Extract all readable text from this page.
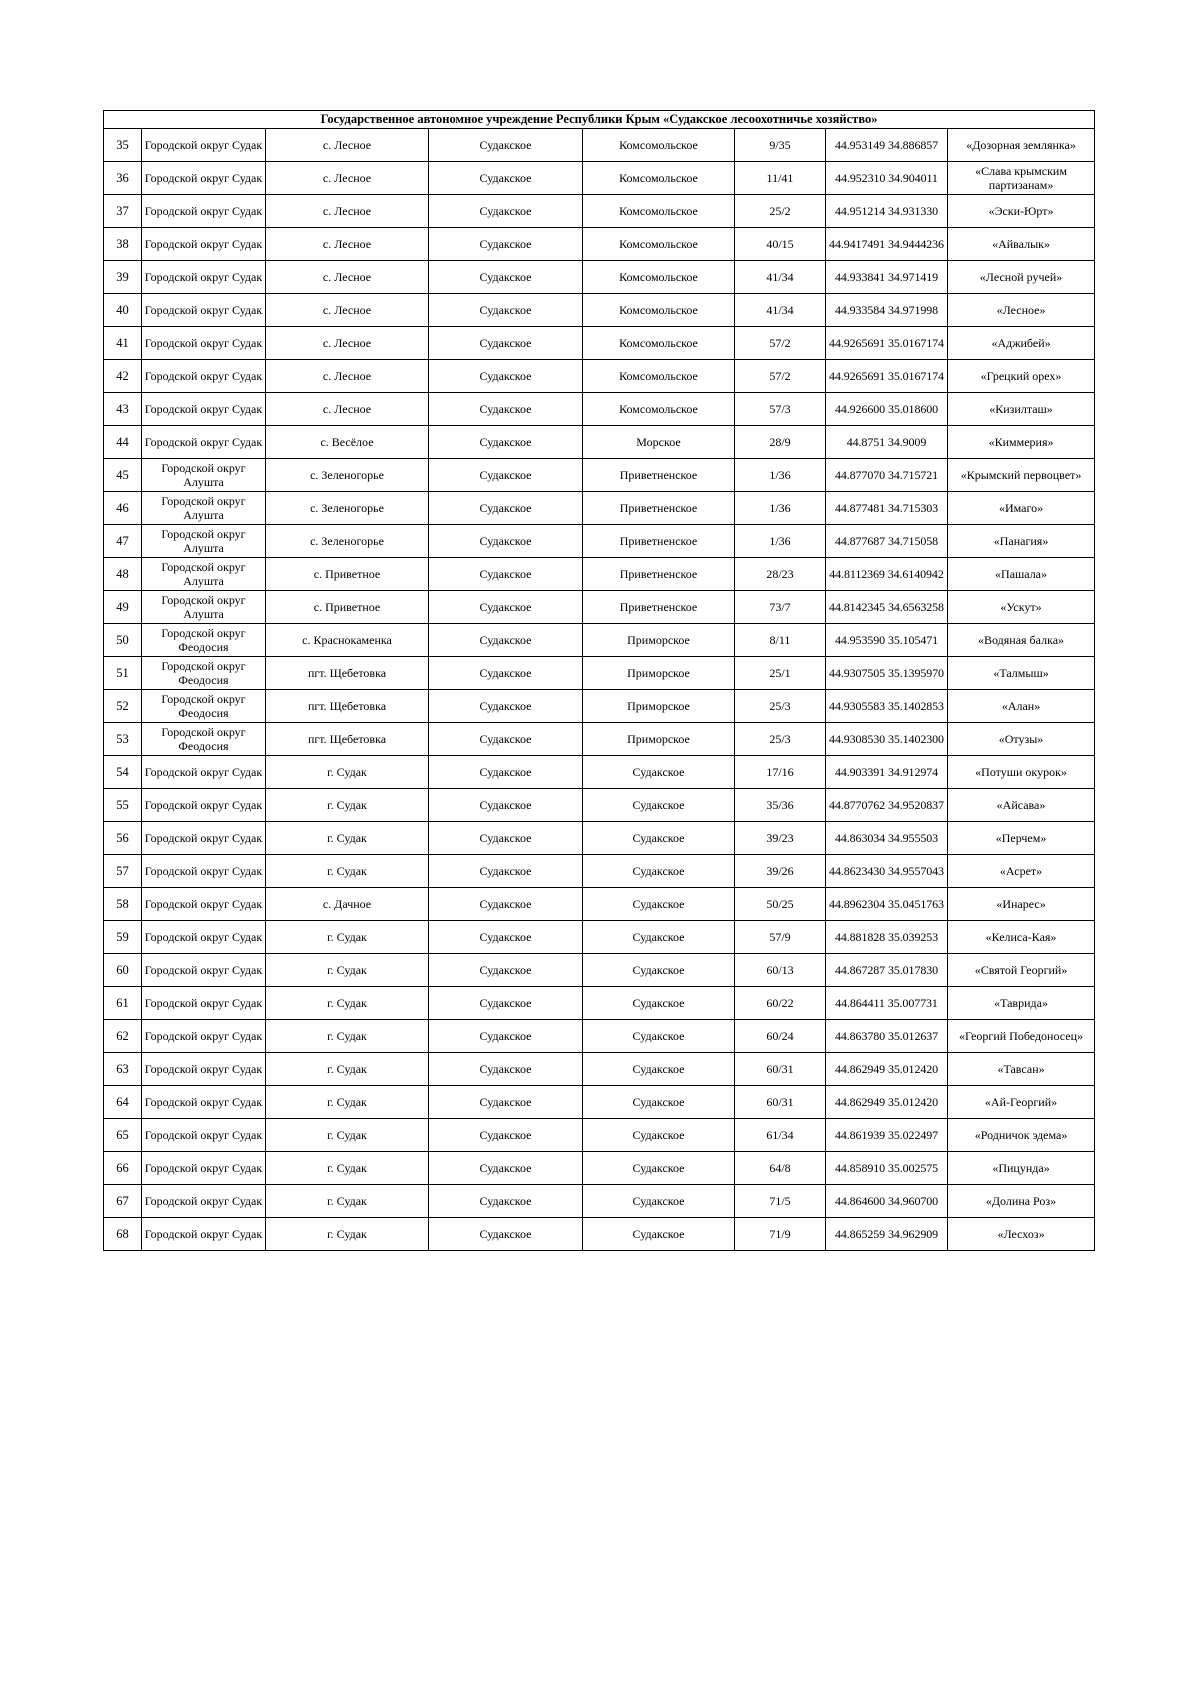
Государственное автономное учреждение Республики Крым «Судакское лесоохотничье хозяйство»							
35	Городской округ Судак	с. Лесное	Судакское	Комсомольское	9/35	44.953149 34.886857	«Дозорная землянка»
36	Городской округ Судак	с. Лесное	Судакское	Комсомольское	11/41	44.952310 34.904011	«Слава крымским партизанам»
37	Городской округ Судак	с. Лесное	Судакское	Комсомольское	25/2	44.951214 34.931330	«Эски-Юрт»
38	Городской округ Судак	с. Лесное	Судакское	Комсомольское	40/15	44.9417491 34.9444236	«Айвалык»
39	Городской округ Судак	с. Лесное	Судакское	Комсомольское	41/34	44.933841 34.971419	«Лесной ручей»
40	Городской округ Судак	с. Лесное	Судакское	Комсомольское	41/34	44.933584 34.971998	«Лесное»
41	Городской округ Судак	с. Лесное	Судакское	Комсомольское	57/2	44.9265691 35.0167174	«Аджибей»
42	Городской округ Судак	с. Лесное	Судакское	Комсомольское	57/2	44.9265691 35.0167174	«Грецкий орех»
43	Городской округ Судак	с. Лесное	Судакское	Комсомольское	57/3	44.926600 35.018600	«Кизилташ»
44	Городской округ Судак	с. Весёлое	Судакское	Морское	28/9	44.8751 34.9009	«Киммерия»
45	Городской округ Алушта	с. Зеленогорье	Судакское	Приветненское	1/36	44.877070 34.715721	«Крымский первоцвет»
46	Городской округ Алушта	с. Зеленогорье	Судакское	Приветненское	1/36	44.877481 34.715303	«Имаго»
47	Городской округ Алушта	с. Зеленогорье	Судакское	Приветненское	1/36	44.877687 34.715058	«Панагия»
48	Городской округ Алушта	с. Приветное	Судакское	Приветненское	28/23	44.8112369 34.6140942	«Пашала»
49	Городской округ Алушта	с. Приветное	Судакское	Приветненское	73/7	44.8142345 34.6563258	«Ускут»
50	Городской округ Феодосия	с. Краснокаменка	Судакское	Приморское	8/11	44.953590 35.105471	«Водяная балка»
51	Городской округ Феодосия	пгт. Щебетовка	Судакское	Приморское	25/1	44.9307505 35.1395970	«Талмыш»
52	Городской округ Феодосия	пгт. Щебетовка	Судакское	Приморское	25/3	44.9305583 35.1402853	«Алан»
53	Городской округ Феодосия	пгт. Щебетовка	Судакское	Приморское	25/3	44.9308530 35.1402300	«Отузы»
54	Городской округ Судак	г. Судак	Судакское	Судакское	17/16	44.903391 34.912974	«Потуши окурок»
55	Городской округ Судак	г. Судак	Судакское	Судакское	35/36	44.8770762 34.9520837	«Айсава»
56	Городской округ Судак	г. Судак	Судакское	Судакское	39/23	44.863034 34.955503	«Перчем»
57	Городской округ Судак	г. Судак	Судакское	Судакское	39/26	44.8623430 34.9557043	«Асрет»
58	Городской округ Судак	с. Дачное	Судакское	Судакское	50/25	44.8962304 35.0451763	«Инарес»
59	Городской округ Судак	г. Судак	Судакское	Судакское	57/9	44.881828 35.039253	«Келиса-Кая»
60	Городской округ Судак	г. Судак	Судакское	Судакское	60/13	44.867287 35.017830	«Святой Георгий»
61	Городской округ Судак	г. Судак	Судакское	Судакское	60/22	44.864411 35.007731	«Таврида»
62	Городской округ Судак	г. Судак	Судакское	Судакское	60/24	44.863780 35.012637	«Георгий Победоносец»
63	Городской округ Судак	г. Судак	Судакское	Судакское	60/31	44.862949 35.012420	«Тавсан»
64	Городской округ Судак	г. Судак	Судакское	Судакское	60/31	44.862949 35.012420	«Ай-Георгий»
65	Городской округ Судак	г. Судак	Судакское	Судакское	61/34	44.861939 35.022497	«Родничок эдема»
66	Городской округ Судак	г. Судак	Судакское	Судакское	64/8	44.858910 35.002575	«Пицунда»
67	Городской округ Судак	г. Судак	Судакское	Судакское	71/5	44.864600 34.960700	«Долина Роз»
68	Городской округ Судак	г. Судак	Судакское	Судакское	71/9	44.865259 34.962909	«Лесхоз»
